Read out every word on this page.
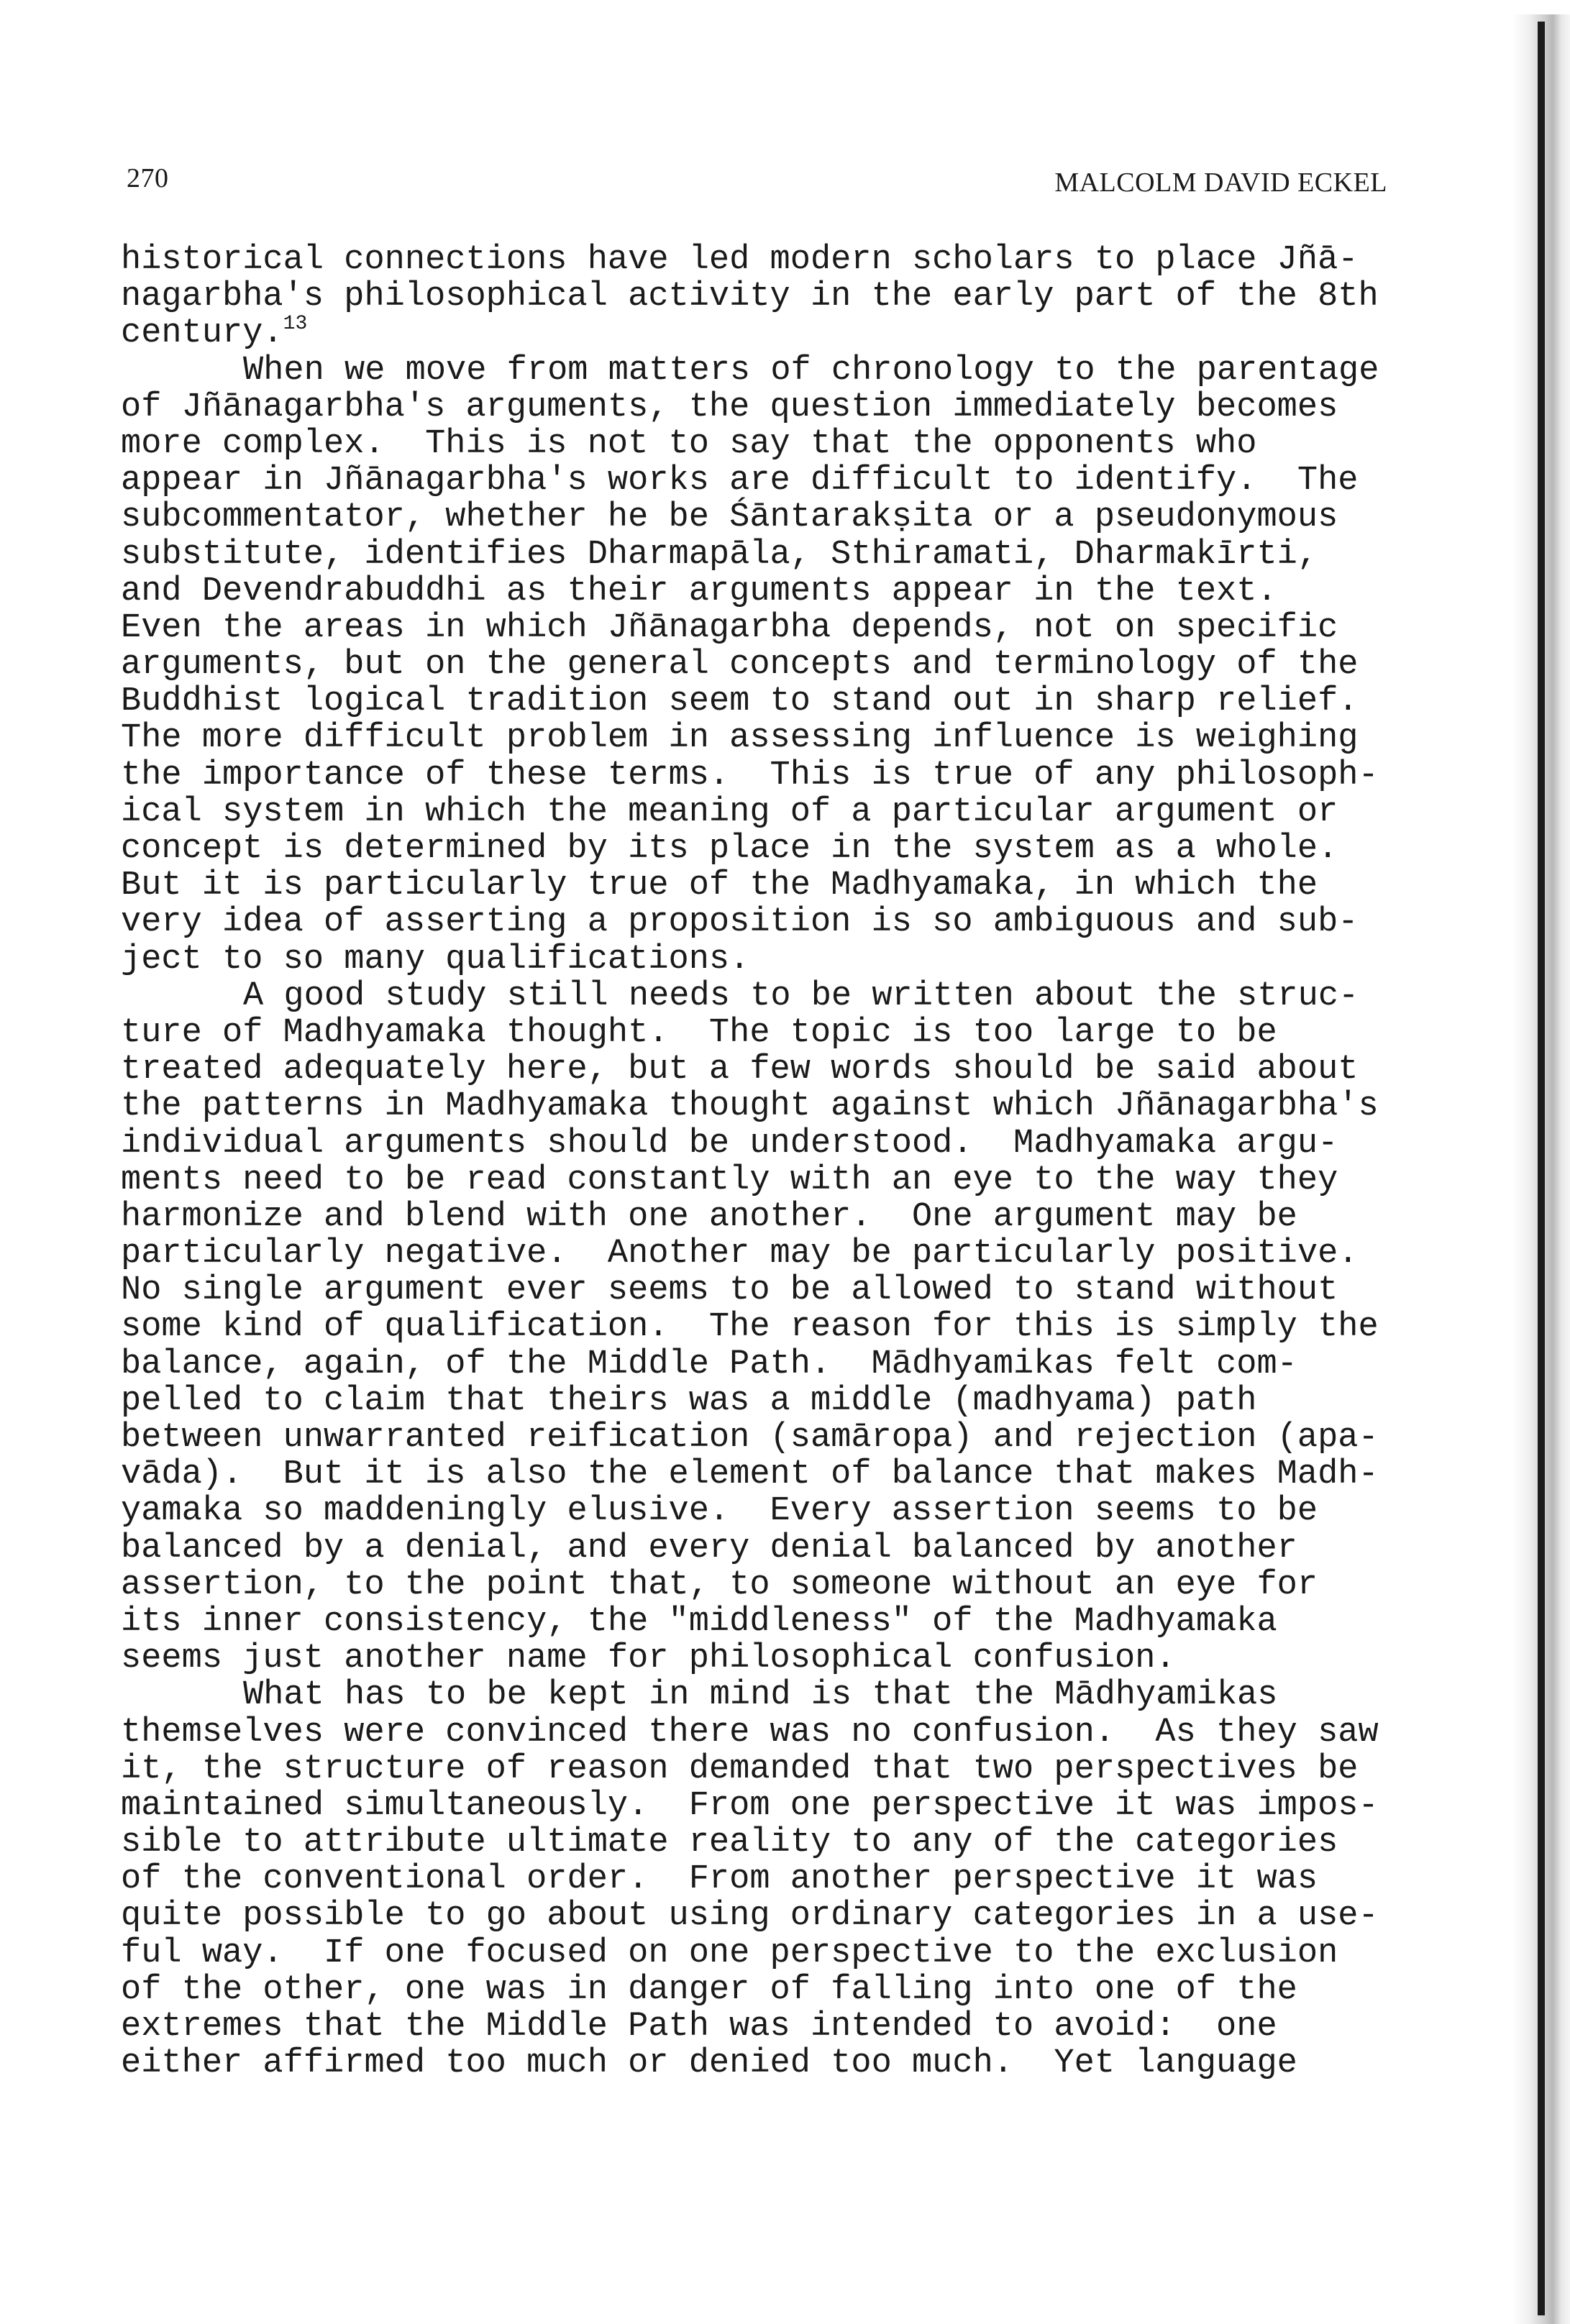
270	MALCOLM DAVID ECKEL
historical connections have led modern scholars to place Jñā-
nagarbha's philosophical activity in the early part of the 8th
century.$^{13}$
When we move from matters of chronology to the parentage
of Jñānagarbha's arguments, the question immediately becomes
more complex.  This is not to say that the opponents who
appear in Jñānagarbha's works are difficult to identify.  The
subcommentator, whether he be Śāntarakṣita or a pseudonymous
substitute, identifies Dharmapāla, Sthiramati, Dharmakīrti,
and Devendrabuddhi as their arguments appear in the text.
Even the areas in which Jñānagarbha depends, not on specific
arguments, but on the general concepts and terminology of the
Buddhist logical tradition seem to stand out in sharp relief.
The more difficult problem in assessing influence is weighing
the importance of these terms.  This is true of any philosoph-
ical system in which the meaning of a particular argument or
concept is determined by its place in the system as a whole.
But it is particularly true of the Madhyamaka, in which the
very idea of asserting a proposition is so ambiguous and sub-
ject to so many qualifications.
A good study still needs to be written about the struc-
ture of Madhyamaka thought.  The topic is too large to be
treated adequately here, but a few words should be said about
the patterns in Madhyamaka thought against which Jñānagarbha's
individual arguments should be understood.  Madhyamaka argu-
ments need to be read constantly with an eye to the way they
harmonize and blend with one another.  One argument may be
particularly negative.  Another may be particularly positive.
No single argument ever seems to be allowed to stand without
some kind of qualification.  The reason for this is simply the
balance, again, of the Middle Path.  Mādhyamikas felt com-
pelled to claim that theirs was a middle (madhyama) path
between unwarranted reification (samāropa) and rejection (apa-
vāda).  But it is also the element of balance that makes Madh-
yamaka so maddeningly elusive.  Every assertion seems to be
balanced by a denial, and every denial balanced by another
assertion, to the point that, to someone without an eye for
its inner consistency, the "middleness" of the Madhyamaka
seems just another name for philosophical confusion.
What has to be kept in mind is that the Mādhyamikas
themselves were convinced there was no confusion.  As they saw
it, the structure of reason demanded that two perspectives be
maintained simultaneously.  From one perspective it was impos-
sible to attribute ultimate reality to any of the categories
of the conventional order.  From another perspective it was
quite possible to go about using ordinary categories in a use-
ful way.  If one focused on one perspective to the exclusion
of the other, one was in danger of falling into one of the
extremes that the Middle Path was intended to avoid:  one
either affirmed too much or denied too much.  Yet language
